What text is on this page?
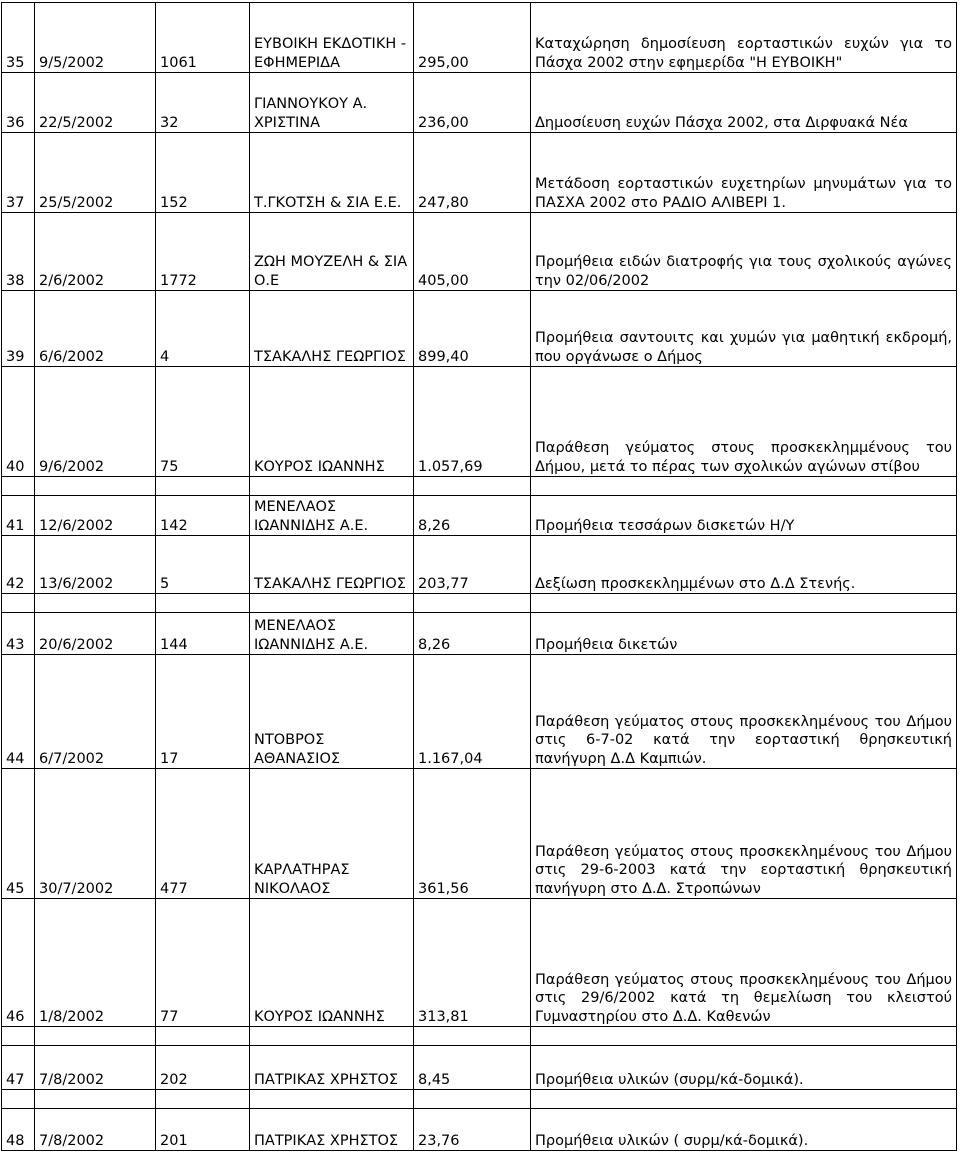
35	9/5/2002	1061	ΕΥΒΟΙΚΗ ΕΚΔΟΤΙΚΗ - ΕΦΗΜΕΡΙΔΑ	295,00	Καταχώρηση δημοσίευση εορταστικών ευχών για το Πάσχα 2002 στην εφημερίδα "Η ΕΥΒΟΙΚΗ"
36	22/5/2002	32	ΓΙΑΝΝΟΥΚΟΥ Α. ΧΡΙΣΤΙΝΑ	236,00	Δημοσίευση ευχών Πάσχα 2002, στα Διρφυακά Νέα
37	25/5/2002	152	Τ.ΓΚΟΤΣΗ & ΣΙΑ Ε.Ε.	247,80	Μετάδοση εορταστικών ευχετηρίων μηνυμάτων για το ΠΑΣΧΑ 2002 στο ΡΑΔΙΟ ΑΛΙΒΕΡΙ 1.
38	2/6/2002	1772	ΖΩΗ ΜΟΥΖΕΛΗ & ΣΙΑ Ο.Ε	405,00	Προμήθεια ειδών διατροφής για τους σχολικούς αγώνες την 02/06/2002
39	6/6/2002	4	ΤΣΑΚΑΛΗΣ ΓΕΩΡΓΙΟΣ	899,40	Προμήθεια σαντουιτς και χυμών για μαθητική εκδρομή, που οργάνωσε ο Δήμος
40	9/6/2002	75	ΚΟΥΡΟΣ ΙΩΑΝΝΗΣ	1.057,69	Παράθεση γεύματος στους προσκεκλημμένους του Δήμου, μετά το πέρας των σχολικών αγώνων στίβου

41	12/6/2002	142	ΜΕΝΕΛΑΟΣ ΙΩΑΝΝΙΔΗΣ Α.Ε.	8,26	Προμήθεια τεσσάρων δισκετών Η/Υ
42	13/6/2002	5	ΤΣΑΚΑΛΗΣ ΓΕΩΡΓΙΟΣ	203,77	Δεξίωση προσκεκλημμένων στο Δ.Δ Στενής.

43	20/6/2002	144	ΜΕΝΕΛΑΟΣ ΙΩΑΝΝΙΔΗΣ Α.Ε.	8,26	Προμήθεια δικετών
44	6/7/2002	17	ΝΤΟΒΡΟΣ ΑΘΑΝΑΣΙΟΣ	1.167,04	Παράθεση γεύματος στους προσκεκλημένους του Δήμου στις 6-7-02 κατά την εορταστική θρησκευτική πανήγυρη Δ.Δ Καμπιών.
45	30/7/2002	477	ΚΑΡΛΑΤΗΡΑΣ ΝΙΚΟΛΑΟΣ	361,56	Παράθεση γεύματος στους προσκεκλημένους του Δήμου στις 29-6-2003 κατά την εορταστική θρησκευτική πανήγυρη στο Δ.Δ. Στροπώνων
46	1/8/2002	77	ΚΟΥΡΟΣ ΙΩΑΝΝΗΣ	313,81	Παράθεση γεύματος στους προσκεκλημένους του Δήμου στις 29/6/2002 κατά τη θεμελίωση του κλειστού Γυμναστηρίου στο Δ.Δ. Καθενών

47	7/8/2002	202	ΠΑΤΡΙΚΑΣ ΧΡΗΣΤΟΣ	8,45	Προμήθεια υλικών (συρμ/κά-δομικά).

48	7/8/2002	201	ΠΑΤΡΙΚΑΣ ΧΡΗΣΤΟΣ	23,76	Προμήθεια υλικών ( συρμ/κά-δομικά).
